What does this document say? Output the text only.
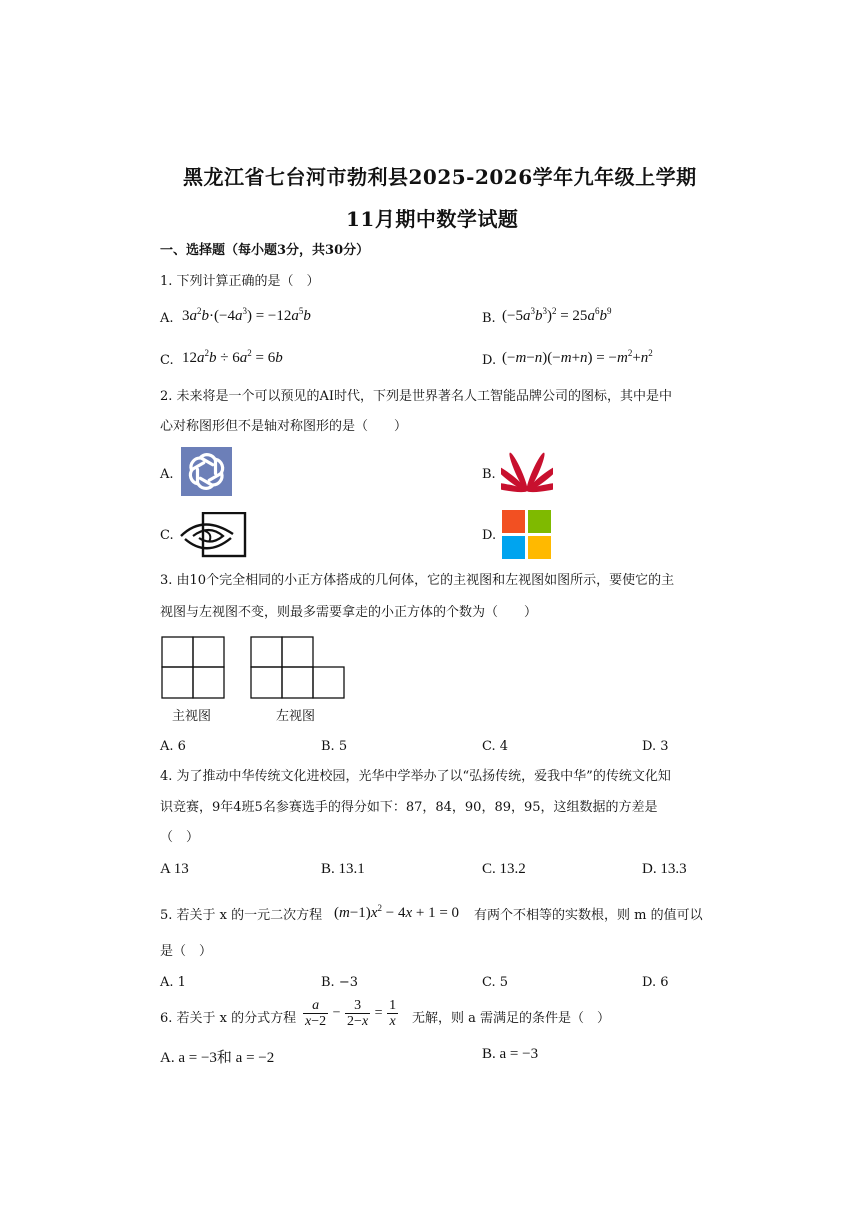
黑龙江省七台河市勃利县2025-2026学年九年级上学期
11月期中数学试题
一、选择题（每小题3分，共30分）
1. 下列计算正确的是（　）
A. $3a^2b\cdot(-4a^3) = -12a^5b$	B. $(-5a^3b^3)^2 = 25a^6b^9$
C. $12a^2b \div 6a^2 = 6b$	D. $(-m-n)(-m+n) = -m^2+n^2$
2. 未来将是一个可以预见的AI时代，下列是世界著名人工智能品牌公司的图标，其中是中
心对称图形但不是轴对称图形的是（　　）
A.	B.
C.	D.
3. 由10个完全相同的小正方体搭成的几何体，它的主视图和左视图如图所示，要使它的主
视图与左视图不变，则最多需要拿走的小正方体的个数为（　　）
主视图	左视图
A. 6	B. 5	C. 4	D. 3
4. 为了推动中华传统文化进校园，光华中学举办了以“弘扬传统，爱我中华”的传统文化知
识竞赛，9年4班5名参赛选手的得分如下：87，84，90，89，95，这组数据的方差是
（　）
A 13	B. 13.1	C. 13.2	D. 13.3
5. 若关于 x 的一元二次方程 $(m-1)x^2 - 4x + 1 = 0$ 有两个不相等的实数根，则 m 的值可以
是（　）
A. 1	B. −3	C. 5	D. 6
6. 若关于 x 的分式方程 $\frac{a}{x-2} - \frac{3}{2-x} = \frac{1}{x}$ 无解，则 a 需满足的条件是（　）
A. a = −3和 a = −2	B. a = −3
